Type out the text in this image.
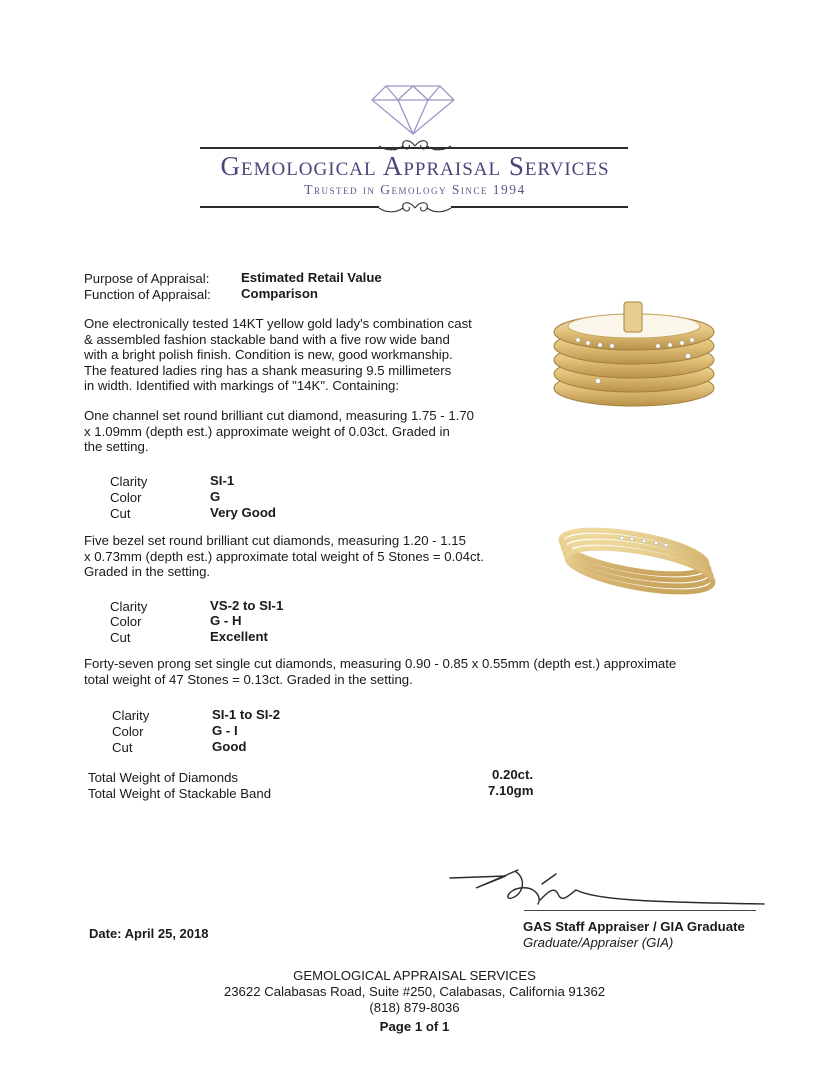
Gemological Appraisal Services
Trusted in Gemology Since 1994
Purpose of Appraisal: Estimated Retail Value
Function of Appraisal: Comparison
One electronically tested 14KT yellow gold lady's combination cast
& assembled fashion stackable band with a five row wide band
with a bright polish finish. Condition is new, good workmanship.
The featured ladies ring has a shank measuring 9.5 millimeters
in width. Identified with markings of "14K". Containing:
One channel set round brilliant cut diamond, measuring 1.75 - 1.70
x 1.09mm (depth est.) approximate weight of 0.03ct. Graded in
the setting.
Clarity	SI-1
Color	G
Cut	Very Good
Five bezel set round brilliant cut diamonds, measuring 1.20 - 1.15
x 0.73mm (depth est.) approximate total weight of 5 Stones = 0.04ct.
Graded in the setting.
Clarity	VS-2 to SI-1
Color	G - H
Cut	Excellent
Forty-seven prong set single cut diamonds, measuring 0.90 - 0.85 x 0.55mm (depth est.) approximate
total weight of 47 Stones = 0.13ct. Graded in the setting.
Clarity	SI-1 to SI-2
Color	G - I
Cut	Good
Total Weight of Diamonds	0.20ct.
Total Weight of Stackable Band	7.10gm
Date: April 25, 2018	GAS Staff Appraiser / GIA Graduate
Graduate/Appraiser (GIA)
GEMOLOGICAL APPRAISAL SERVICES
23622 Calabasas Road, Suite #250, Calabasas, California 91362
(818) 879-8036
Page 1 of 1
